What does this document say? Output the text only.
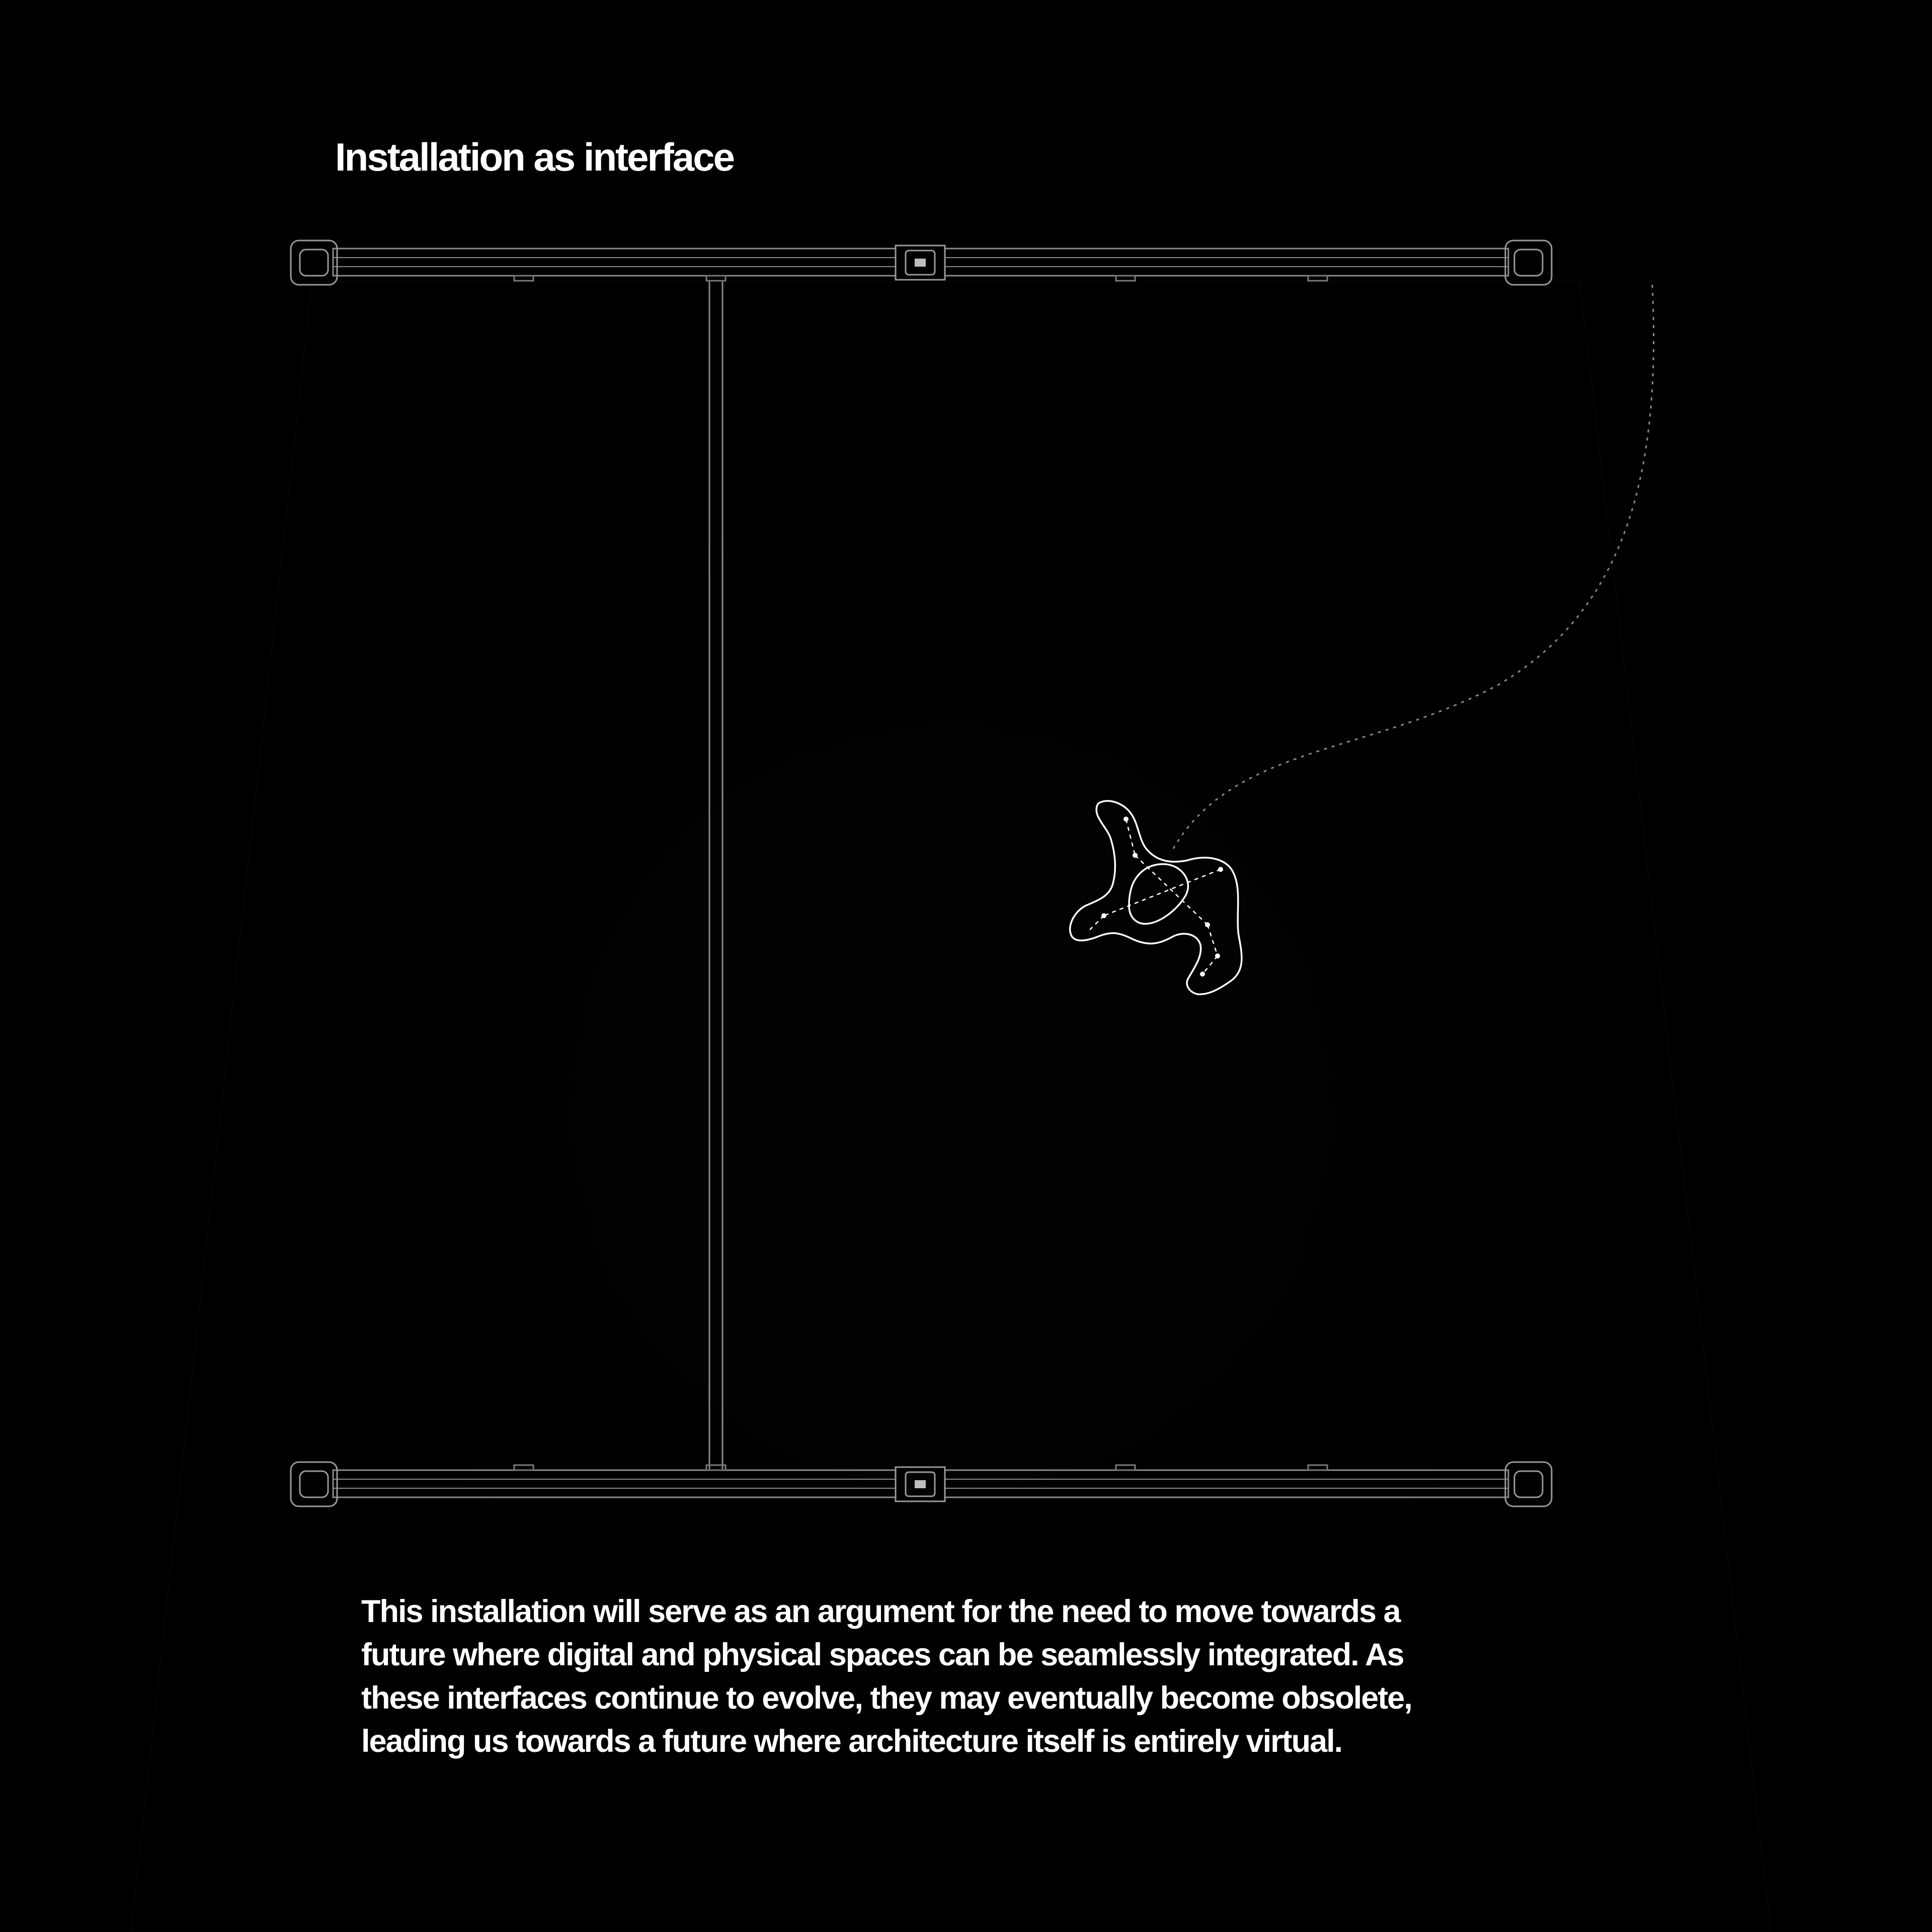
Installation as interface

This installation will serve as an argument for the need to move towards a
future where digital and physical spaces can be seamlessly integrated. As
these interfaces continue to evolve, they may eventually become obsolete,
leading us towards a future where architecture itself is entirely virtual.
